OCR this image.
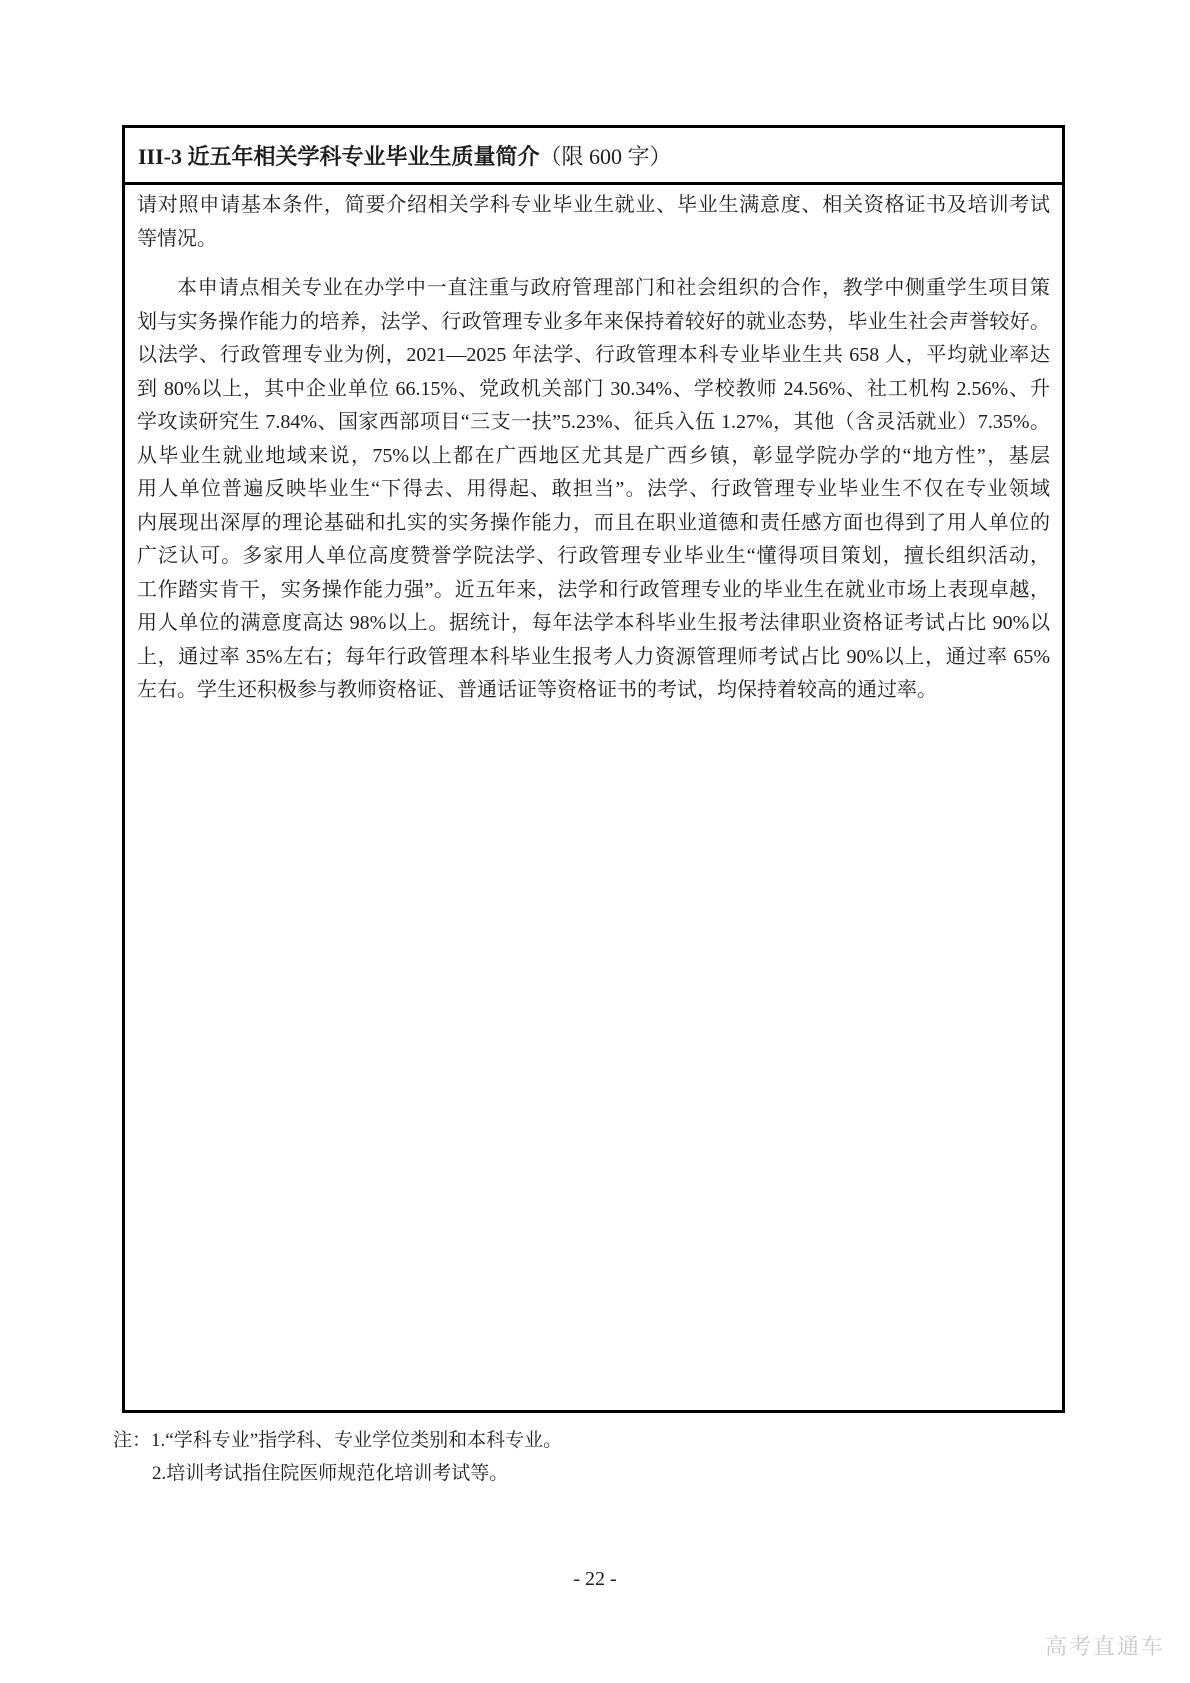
III-3 近五年相关学科专业毕业生质量简介 （限 600 字）
请对照申请基本条件，简要介绍相关学科专业毕业生就业、毕业生满意度、相关资格证书及培训考试
等情况。
本申请点相关专业在办学中一直注重与政府管理部门和社会组织的合作，教学中侧重学生项目策
划与实务操作能力的培养，法学、行政管理专业多年来保持着较好的就业态势，毕业生社会声誉较好。
以法学、行政管理专业为例，2021—2025 年法学、行政管理本科专业毕业生共 658 人，平均就业率达
到 80%以上，其中企业单位 66.15%、党政机关部门 30.34%、学校教师 24.56%、社工机构 2.56%、升
学攻读研究生 7.84%、国家西部项目“三支一扶”5.23%、征兵入伍 1.27%，其他（含灵活就业）7.35%。
从毕业生就业地域来说，75%以上都在广西地区尤其是广西乡镇，彰显学院办学的“地方性”，基层
用人单位普遍反映毕业生“下得去、用得起、敢担当”。法学、行政管理专业毕业生不仅在专业领域
内展现出深厚的理论基础和扎实的实务操作能力，而且在职业道德和责任感方面也得到了用人单位的
广泛认可。多家用人单位高度赞誉学院法学、行政管理专业毕业生“懂得项目策划，擅长组织活动，
工作踏实肯干，实务操作能力强”。近五年来，法学和行政管理专业的毕业生在就业市场上表现卓越，
用人单位的满意度高达 98%以上。据统计，每年法学本科毕业生报考法律职业资格证考试占比 90%以
上，通过率 35%左右；每年行政管理本科毕业生报考人力资源管理师考试占比 90%以上，通过率 65%
左右。学生还积极参与教师资格证、普通话证等资格证书的考试，均保持着较高的通过率。
注：1.“学科专业”指学科、专业学位类别和本科专业。
2.培训考试指住院医师规范化培训考试等。
- 22 -
高考直通车
